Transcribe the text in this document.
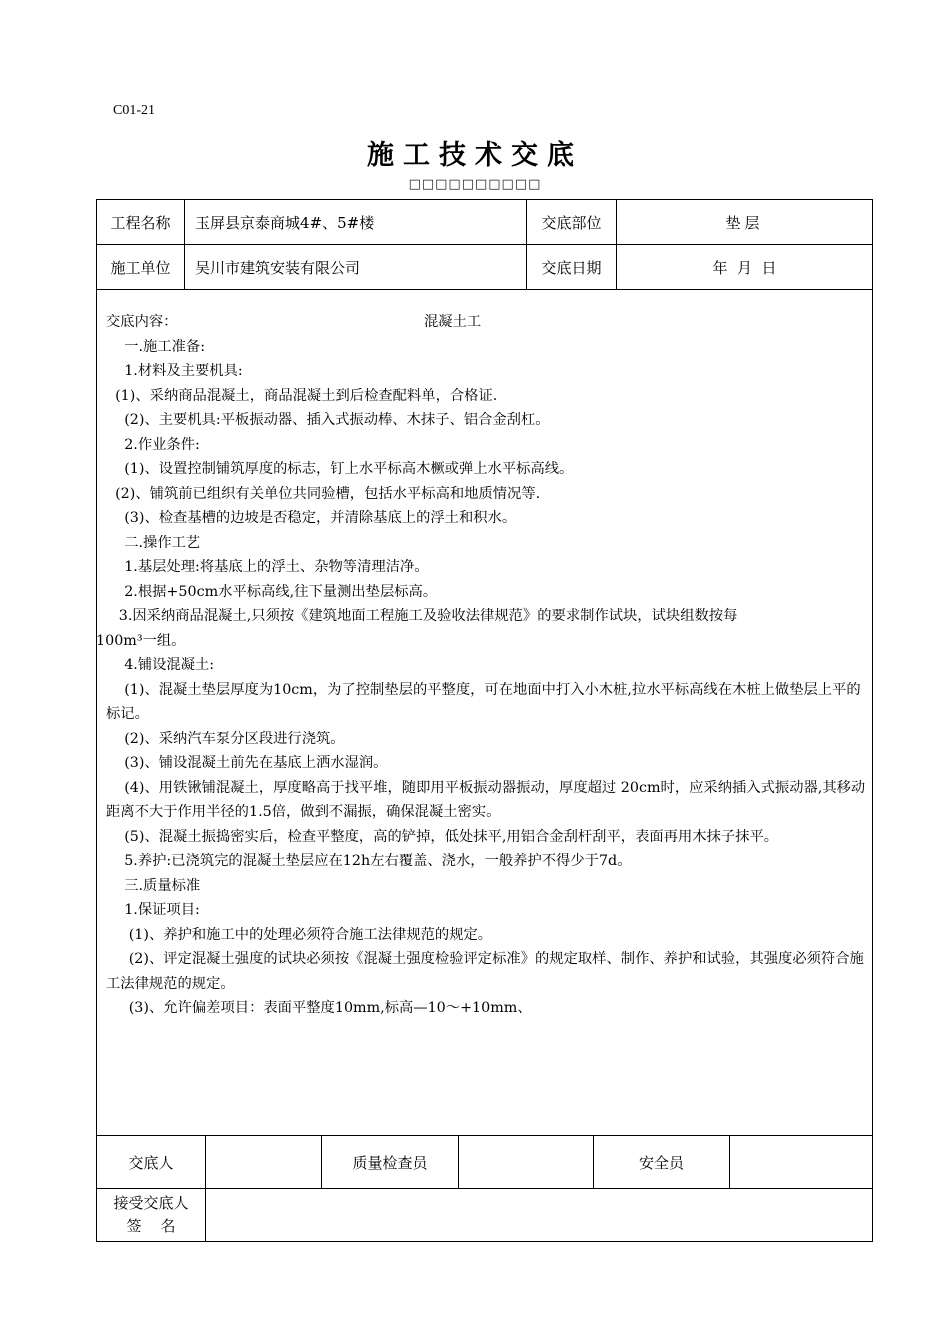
C01-21
施工技术交底
□□□□□□□□□□
工程名称	玉屏县京泰商城4#、5#楼	交底部位	垫层
施工单位	吴川市建筑安装有限公司	交底日期	年  月  日
混凝土工

交底内容：

一.施工准备:

1.材料及主要机具:

(1)、采纳商品混凝土，商品混凝土到后检查配料单，合格证.

(2)、主要机具:平板振动器、插入式振动棒、木抹子、铝合金刮杠。

2.作业条件:

(1)、设置控制铺筑厚度的标志，钉上水平标高木橛或弹上水平标高线。

(2)、铺筑前已组织有关单位共同验槽，包括水平标高和地质情况等.

(3)、检查基槽的边坡是否稳定，并清除基底上的浮土和积水。

二.操作工艺

1.基层处理:将基底上的浮土、杂物等清理洁净。

2.根据+50cm水平标高线,往下量测出垫层标高。

3.因采纳商品混凝土,只须按《建筑地面工程施工及验收法律规范》的要求制作试块，试块组数按每

100m³一组。

4.铺设混凝土:

(1)、混凝土垫层厚度为10cm，为了控制垫层的平整度，可在地面中打入小木桩,拉水平标高线在木桩上做垫层上平的标记。

(2)、采纳汽车泵分区段进行浇筑。

(3)、铺设混凝土前先在基底上洒水湿润。

(4)、用铁锹铺混凝土，厚度略高于找平堆，随即用平板振动器振动，厚度超过 20cm时，应采纳插入式振动器,其移动距离不大于作用半径的1.5倍，做到不漏振，确保混凝土密实。

(5)、混凝土振捣密实后，检查平整度，高的铲掉，低处抹平,用铝合金刮杆刮平，表面再用木抹子抹平。

5.养护:已浇筑完的混凝土垫层应在12h左右覆盖、浇水，一般养护不得少于7d。

三.质量标准

1.保证项目:

(1)、养护和施工中的处理必须符合施工法律规范的规定。

(2)、评定混凝土强度的试块必须按《混凝土强度检验评定标准》的规定取样、制作、养护和试验，其强度必须符合施工法律规范的规定。

(3)、允许偏差项目：表面平整度10mm,标高—10～+10mm、

交底人	质量检查员	安全员
接受交底人
签    名
